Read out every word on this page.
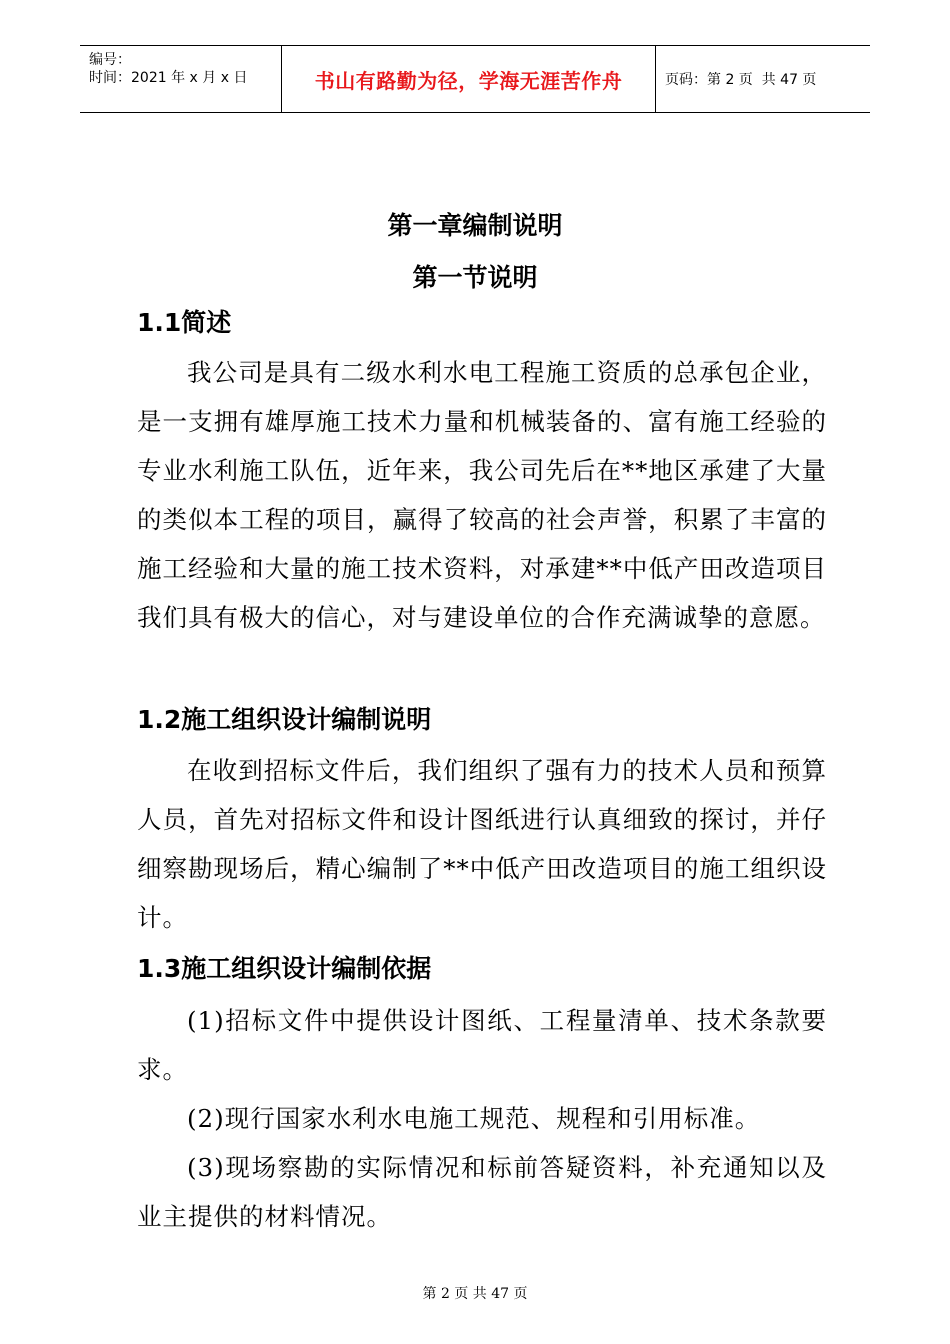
编号：
时间：2021 年 x 月 x 日	书山有路勤为径，学海无涯苦作舟	页码：第 2 页  共 47 页
第一章编制说明
第一节说明
1.1简述
我公司是具有二级水利水电工程施工资质的总承包企业，是一支拥有雄厚施工技术力量和机械装备的、富有施工经验的专业水利施工队伍，近年来，我公司先后在**地区承建了大量的类似本工程的项目，赢得了较高的社会声誉，积累了丰富的施工经验和大量的施工技术资料，对承建**中低产田改造项目我们具有极大的信心，对与建设单位的合作充满诚挚的意愿。
1.2施工组织设计编制说明
在收到招标文件后，我们组织了强有力的技术人员和预算人员，首先对招标文件和设计图纸进行认真细致的探讨，并仔细察勘现场后，精心编制了**中低产田改造项目的施工组织设计。
1.3施工组织设计编制依据
(1)招标文件中提供设计图纸、工程量清单、技术条款要求。
(2)现行国家水利水电施工规范、规程和引用标准。
(3)现场察勘的实际情况和标前答疑资料，补充通知以及业主提供的材料情况。
第 2 页 共 47 页
